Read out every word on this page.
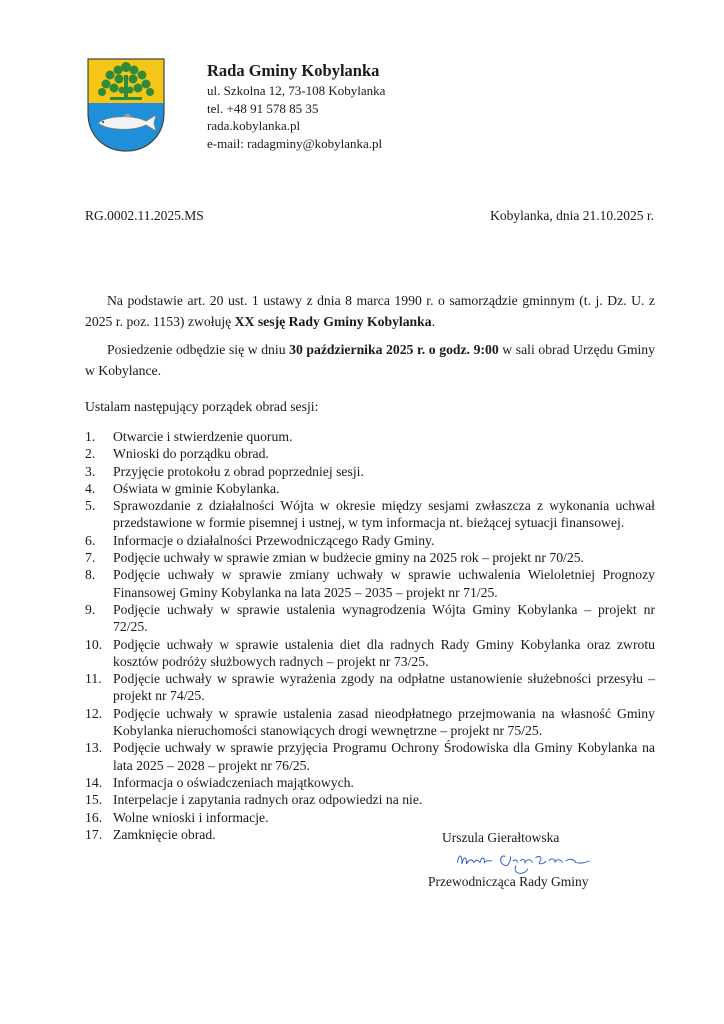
Rada Gminy Kobylanka
ul. Szkolna 12, 73-108 Kobylanka
tel. +48 91 578 85 35
rada.kobylanka.pl
e-mail: radagminy@kobylanka.pl
RG.0002.11.2025.MS	Kobylanka, dnia 21.10.2025 r.
Na podstawie art. 20 ust. 1 ustawy z dnia 8 marca 1990 r. o samorządzie gminnym (t. j. Dz. U. z 2025 r. poz. 1153) zwołuję XX sesję Rady Gminy Kobylanka.
Posiedzenie odbędzie się w dniu 30 października 2025 r. o godz. 9:00 w sali obrad Urzędu Gminy w Kobylance.
Ustalam następujący porządek obrad sesji:
1. Otwarcie i stwierdzenie quorum.
2. Wnioski do porządku obrad.
3. Przyjęcie protokołu z obrad poprzedniej sesji.
4. Oświata w gminie Kobylanka.
5. Sprawozdanie z działalności Wójta w okresie między sesjami zwłaszcza z wykonania uchwał przedstawione w formie pisemnej i ustnej, w tym informacja nt. bieżącej sytuacji finansowej.
6. Informacje o działalności Przewodniczącego Rady Gminy.
7. Podjęcie uchwały w sprawie zmian w budżecie gminy na 2025 rok – projekt nr 70/25.
8. Podjęcie uchwały w sprawie zmiany uchwały w sprawie uchwalenia Wieloletniej Prognozy Finansowej Gminy Kobylanka na lata 2025 – 2035 – projekt nr 71/25.
9. Podjęcie uchwały w sprawie ustalenia wynagrodzenia Wójta Gminy Kobylanka – projekt nr 72/25.
10. Podjęcie uchwały w sprawie ustalenia diet dla radnych Rady Gminy Kobylanka oraz zwrotu kosztów podróży służbowych radnych – projekt nr 73/25.
11. Podjęcie uchwały w sprawie wyrażenia zgody na odpłatne ustanowienie służebności przesyłu – projekt nr 74/25.
12. Podjęcie uchwały w sprawie ustalenia zasad nieodpłatnego przejmowania na własność Gminy Kobylanka nieruchomości stanowiących drogi wewnętrzne – projekt nr 75/25.
13. Podjęcie uchwały w sprawie przyjęcia Programu Ochrony Środowiska dla Gminy Kobylanka na lata 2025 – 2028 – projekt nr 76/25.
14. Informacja o oświadczeniach majątkowych.
15. Interpelacje i zapytania radnych oraz odpowiedzi na nie.
16. Wolne wnioski i informacje.
17. Zamknięcie obrad.	Urszula Gierałtowska
Przewodnicząca Rady Gminy
